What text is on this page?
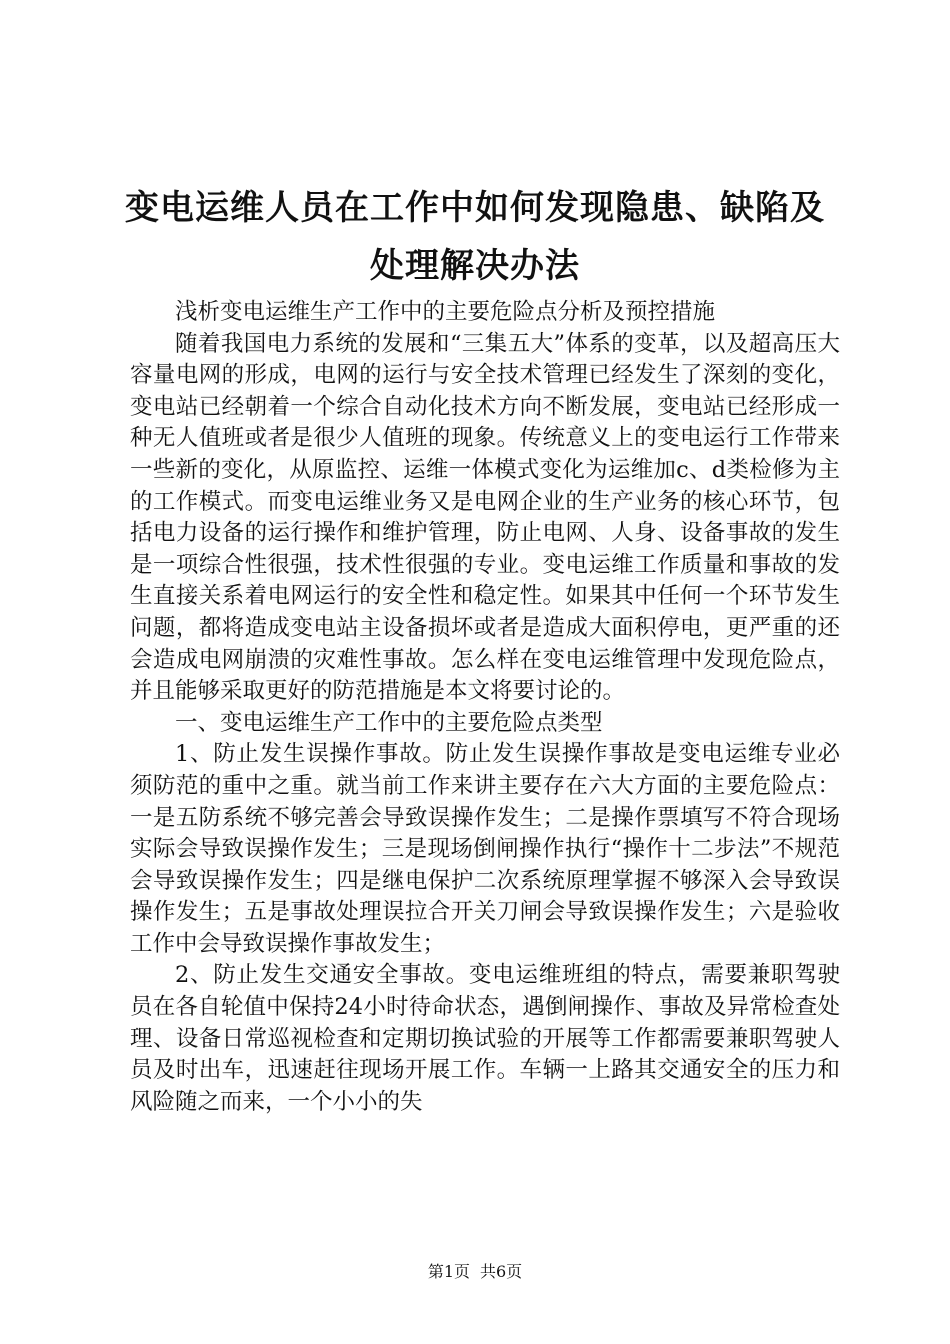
变电运维人员在工作中如何发现隐患、缺陷及
处理解决办法

浅析变电运维生产工作中的主要危险点分析及预控措施

随着我国电力系统的发展和“三集五大”体系的变革，以及超高压大容量电网的形成，电网的运行与安全技术管理已经发生了深刻的变化，变电站已经朝着一个综合自动化技术方向不断发展，变电站已经形成一种无人值班或者是很少人值班的现象。传统意义上的变电运行工作带来一些新的变化，从原监控、运维一体模式变化为运维加c、d类检修为主的工作模式。而变电运维业务又是电网企业的生产业务的核心环节，包括电力设备的运行操作和维护管理，防止电网、人身、设备事故的发生是一项综合性很强，技术性很强的专业。变电运维工作质量和事故的发生直接关系着电网运行的安全性和稳定性。如果其中任何一个环节发生问题，都将造成变电站主设备损坏或者是造成大面积停电，更严重的还会造成电网崩溃的灾难性事故。怎么样在变电运维管理中发现危险点，并且能够采取更好的防范措施是本文将要讨论的。

一、变电运维生产工作中的主要危险点类型

1、防止发生误操作事故。防止发生误操作事故是变电运维专业必须防范的重中之重。就当前工作来讲主要存在六大方面的主要危险点：一是五防系统不够完善会导致误操作发生；二是操作票填写不符合现场实际会导致误操作发生；三是现场倒闸操作执行“操作十二步法”不规范会导致误操作发生；四是继电保护二次系统原理掌握不够深入会导致误操作发生；五是事故处理误拉合开关刀闸会导致误操作发生；六是验收工作中会导致误操作事故发生；

2、防止发生交通安全事故。变电运维班组的特点，需要兼职驾驶员在各自轮值中保持24小时待命状态，遇倒闸操作、事故及异常检查处理、设备日常巡视检查和定期切换试验的开展等工作都需要兼职驾驶人员及时出车，迅速赶往现场开展工作。车辆一上路其交通安全的压力和风险随之而来，一个小小的失

第1页 共6页
